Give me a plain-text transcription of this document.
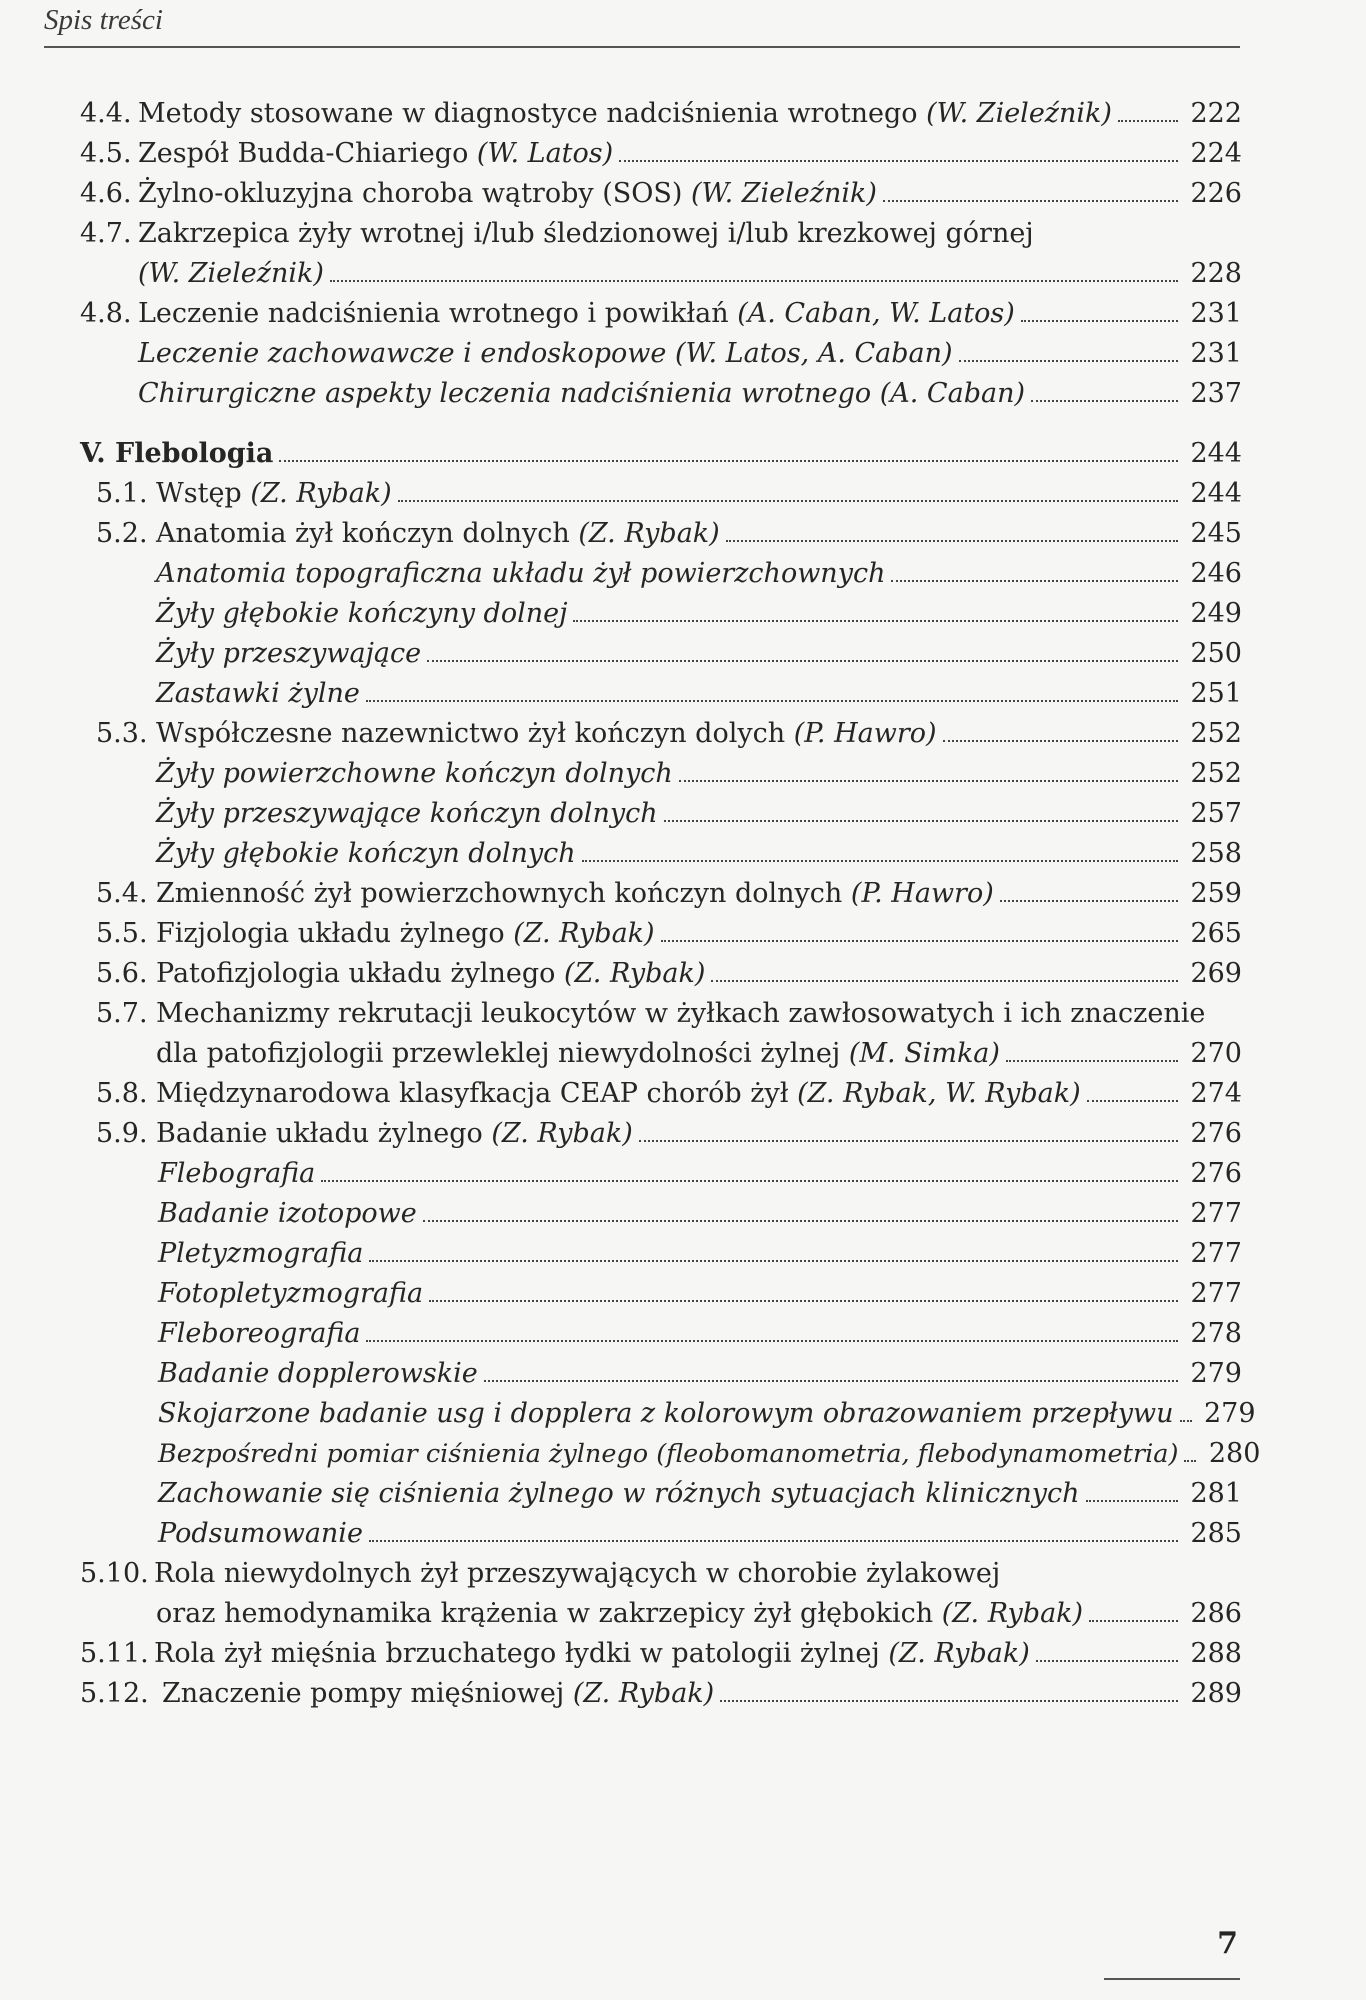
Spis treści
4.4. Metody stosowane w diagnostyce nadciśnienia wrotnego (W. Zieleźnik)	222
4.5. Zespół Budda-Chiariego (W. Latos)	224
4.6. Żylno-okluzyjna choroba wątroby (SOS) (W. Zieleźnik)	226
4.7. Zakrzepica żyły wrotnej i/lub śledzionowej i/lub krezkowej górnej
(W. Zieleźnik)	228
4.8. Leczenie nadciśnienia wrotnego i powikłań (A. Caban, W. Latos)	231
Leczenie zachowawcze i endoskopowe (W. Latos, A. Caban)	231
Chirurgiczne aspekty leczenia nadciśnienia wrotnego (A. Caban)	237
V. Flebologia	244
5.1. Wstęp (Z. Rybak)	244
5.2. Anatomia żył kończyn dolnych (Z. Rybak)	245
Anatomia topograficzna układu żył powierzchownych	246
Żyły głębokie kończyny dolnej	249
Żyły przeszywające	250
Zastawki żylne	251
5.3. Współczesne nazewnictwo żył kończyn dolych (P. Hawro)	252
Żyły powierzchowne kończyn dolnych	252
Żyły przeszywające kończyn dolnych	257
Żyły głębokie kończyn dolnych	258
5.4. Zmienność żył powierzchownych kończyn dolnych (P. Hawro)	259
5.5. Fizjologia układu żylnego (Z. Rybak)	265
5.6. Patofizjologia układu żylnego (Z. Rybak)	269
5.7. Mechanizmy rekrutacji leukocytów w żyłkach zawłosowatych i ich znaczenie
dla patofizjologii przewleklej niewydolności żylnej (M. Simka)	270
5.8. Międzynarodowa klasyfkacja CEAP chorób żył (Z. Rybak, W. Rybak)	274
5.9. Badanie układu żylnego (Z. Rybak)	276
Flebografia	276
Badanie izotopowe	277
Pletyzmografia	277
Fotopletyzmografia	277
Fleboreografia	278
Badanie dopplerowskie	279
Skojarzone badanie usg i dopplera z kolorowym obrazowaniem przepływu 279
Bezpośredni pomiar ciśnienia żylnego (fleobomanometria, flebodynamometria) 280
Zachowanie się ciśnienia żylnego w różnych sytuacjach klinicznych	281
Podsumowanie	285
5.10. Rola niewydolnych żył przeszywających w chorobie żylakowej
oraz hemodynamika krążenia w zakrzepicy żył głębokich (Z. Rybak)	286
5.11. Rola żył mięśnia brzuchatego łydki w patologii żylnej (Z. Rybak)	288
5.12. Znaczenie pompy mięśniowej (Z. Rybak)	289
7
